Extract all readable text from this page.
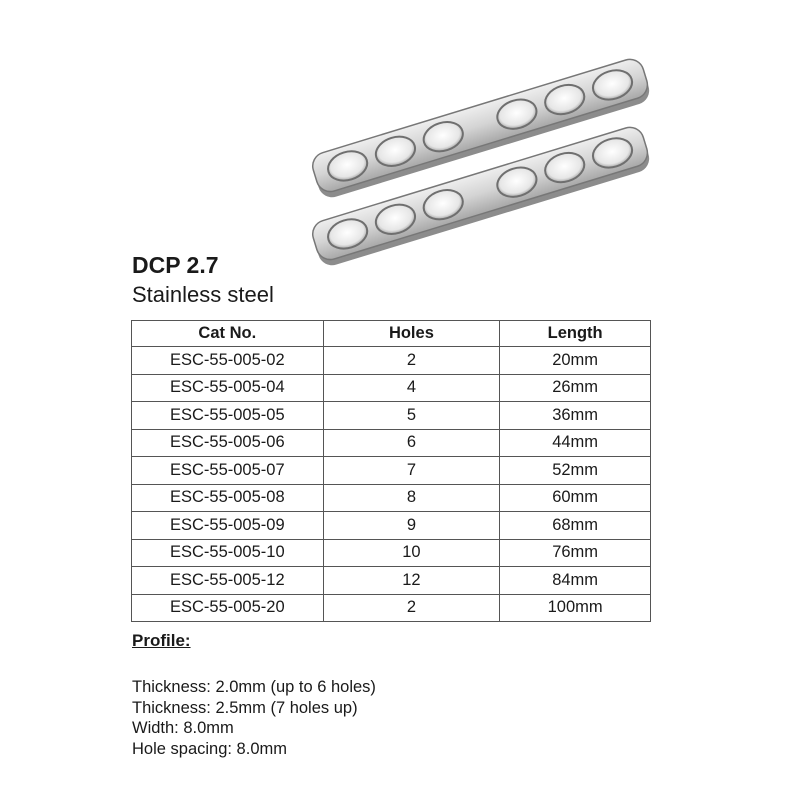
DCP 2.7
Stainless steel
Cat No.	Holes	Length
ESC-55-005-02	2	20mm
ESC-55-005-04	4	26mm
ESC-55-005-05	5	36mm
ESC-55-005-06	6	44mm
ESC-55-005-07	7	52mm
ESC-55-005-08	8	60mm
ESC-55-005-09	9	68mm
ESC-55-005-10	10	76mm
ESC-55-005-12	12	84mm
ESC-55-005-20	2	100mm
Profile:
Thickness: 2.0mm (up to 6 holes)
Thickness: 2.5mm (7 holes up)
Width: 8.0mm
Hole spacing: 8.0mm
